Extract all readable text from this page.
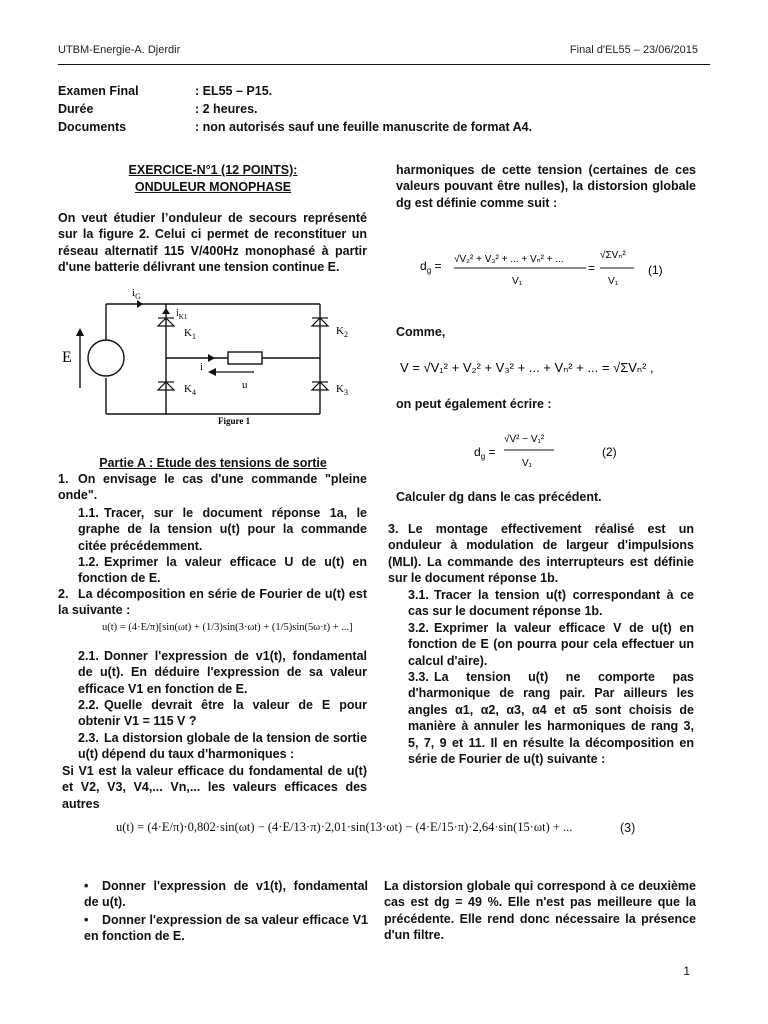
UTBM-Energie-A. Djerdir	Final d'EL55 – 23/06/2015
Examen Final	: EL55 – P15.
Durée	: 2 heures.
Documents	: non autorisés sauf une feuille manuscrite de format A4.
EXERCICE-N°1 (12 POINTS):
ONDULEUR MONOPHASE
On veut étudier l’onduleur de secours représenté sur la figure 2. Celui ci permet de reconstituer un réseau alternatif 115 V/400Hz monophasé à partir d'une batterie délivrant une tension continue E.
E
$i_G$
$i_{K1}$
$K_1$	$K_2$
$K_4$	$K_3$
i
u
Figure 1
Partie A : Etude des tensions de sortie
1. On envisage le cas d'une commande "pleine onde".
1.1. Tracer, sur le document réponse 1a, le graphe de la tension u(t) pour la commande citée précédemment.
1.2. Exprimer la valeur efficace U de u(t) en fonction de E.
2. La décomposition en série de Fourier de u(t) est la suivante :
u(t) = (4·E/π)[sin(ωt) + (1/3)sin(3·ωt) + (1/5)sin(5ω·t) + ...]
2.1. Donner l'expression de v1(t), fondamental de u(t). En déduire l'expression de sa valeur efficace V1 en fonction de E.
2.2. Quelle devrait être la valeur de E pour obtenir V1 = 115 V ?
2.3. La distorsion globale de la tension de sortie u(t) dépend du taux d'harmoniques :
Si V1 est la valeur efficace du fondamental de u(t) et V2, V3, V4,... Vn,... les valeurs efficaces des autres
harmoniques de cette tension (certaines de ces valeurs pouvant être nulles), la distorsion globale dg est définie comme suit :
$d_g = √V_2^2 + V_3^2$ + ... + Vₙ² + ...
V₁
=
√ΣVₙ²
V₁
(1)
Comme,
V = √V₁² + V₂² + V₃² + ... + Vₙ² + ... = √ΣVₙ² ,
on peut également écrire :
$d_g$ =
√V² − V₁²
V₁
(2)
Calculer dg dans le cas précédent.
3. Le montage effectivement réalisé est un onduleur à modulation de largeur d'impulsions (MLI). La commande des interrupteurs est définie sur le document réponse 1b.
3.1. Tracer la tension u(t) correspondant à ce cas sur le document réponse 1b.
3.2. Exprimer la valeur efficace V de u(t) en fonction de E (on pourra pour cela effectuer un calcul d'aire).
3.3. La tension u(t) ne comporte pas d'harmonique de rang pair. Par ailleurs les angles α1, α2, α3, α4 et α5 sont choisis de manière à annuler les harmoniques de rang 3, 5, 7, 9 et 11. Il en résulte la décomposition en série de Fourier de u(t) suivante :
u(t) = (4·E/π)·0,802·sin(ωt) − (4·E/13·π)·2,01·sin(13·ωt) − (4·E/15·π)·2,64·sin(15·ωt) + ...	(3)
• Donner l'expression de v1(t), fondamental de u(t).
• Donner l'expression de sa valeur efficace V1 en fonction de E.
La distorsion globale qui correspond à ce deuxième cas est dg = 49 %. Elle n'est pas meilleure que la précédente. Elle rend donc nécessaire la présence d'un filtre.
1
